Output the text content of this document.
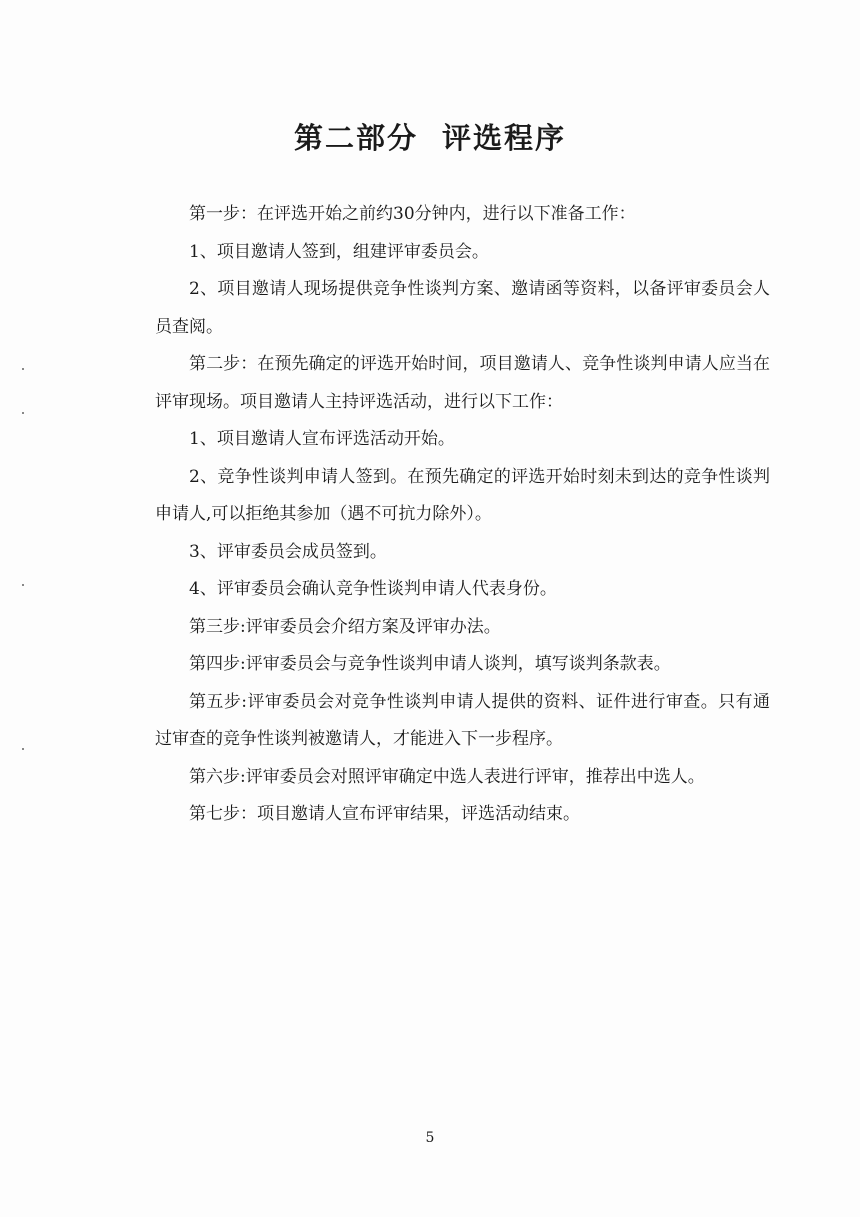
第二部分 评选程序

第一步：在评选开始之前约30分钟内，进行以下准备工作：

1、项目邀请人签到，组建评审委员会。

2、项目邀请人现场提供竞争性谈判方案、邀请函等资料，以备评审委员会人员查阅。

第二步：在预先确定的评选开始时间，项目邀请人、竞争性谈判申请人应当在评审现场。项目邀请人主持评选活动，进行以下工作：

1、项目邀请人宣布评选活动开始。

2、竞争性谈判申请人签到。在预先确定的评选开始时刻未到达的竞争性谈判申请人,可以拒绝其参加（遇不可抗力除外）。

3、评审委员会成员签到。

4、评审委员会确认竞争性谈判申请人代表身份。

第三步:评审委员会介绍方案及评审办法。

第四步:评审委员会与竞争性谈判申请人谈判，填写谈判条款表。

第五步:评审委员会对竞争性谈判申请人提供的资料、证件进行审查。只有通过审查的竞争性谈判被邀请人，才能进入下一步程序。

第六步:评审委员会对照评审确定中选人表进行评审，推荐出中选人。

第七步：项目邀请人宣布评审结果，评选活动结束。

5
